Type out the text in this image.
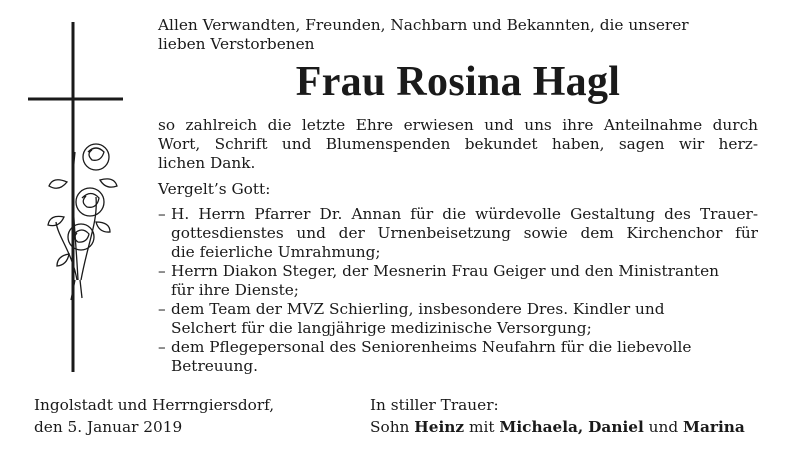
Allen Verwandten, Freunden, Nachbarn und Bekannten, die unserer
lieben Verstorbenen
Frau Rosina Hagl
so zahlreich die letzte Ehre erwiesen und uns ihre Anteilnahme durch
Wort, Schrift und Blumenspenden bekundet haben, sagen wir herz-
lichen Dank.
Vergelt’s Gott:
– H. Herrn Pfarrer Dr. Annan für die würdevolle Gestaltung des Trauer-
gottesdienstes und der Urnenbeisetzung sowie dem Kirchenchor für
die feierliche Umrahmung;
– Herrn Diakon Steger, der Mesnerin Frau Geiger und den Ministranten
für ihre Dienste;
– dem Team der MVZ Schierling, insbesondere Dres. Kindler und
Selchert für die langjährige medizinische Versorgung;
– dem Pflegepersonal des Seniorenheims Neufahrn für die liebevolle
Betreuung.
Ingolstadt und Herrngiersdorf,
den 5. Januar 2019
In stiller Trauer:
Sohn Heinz mit Michaela, Daniel und Marina
